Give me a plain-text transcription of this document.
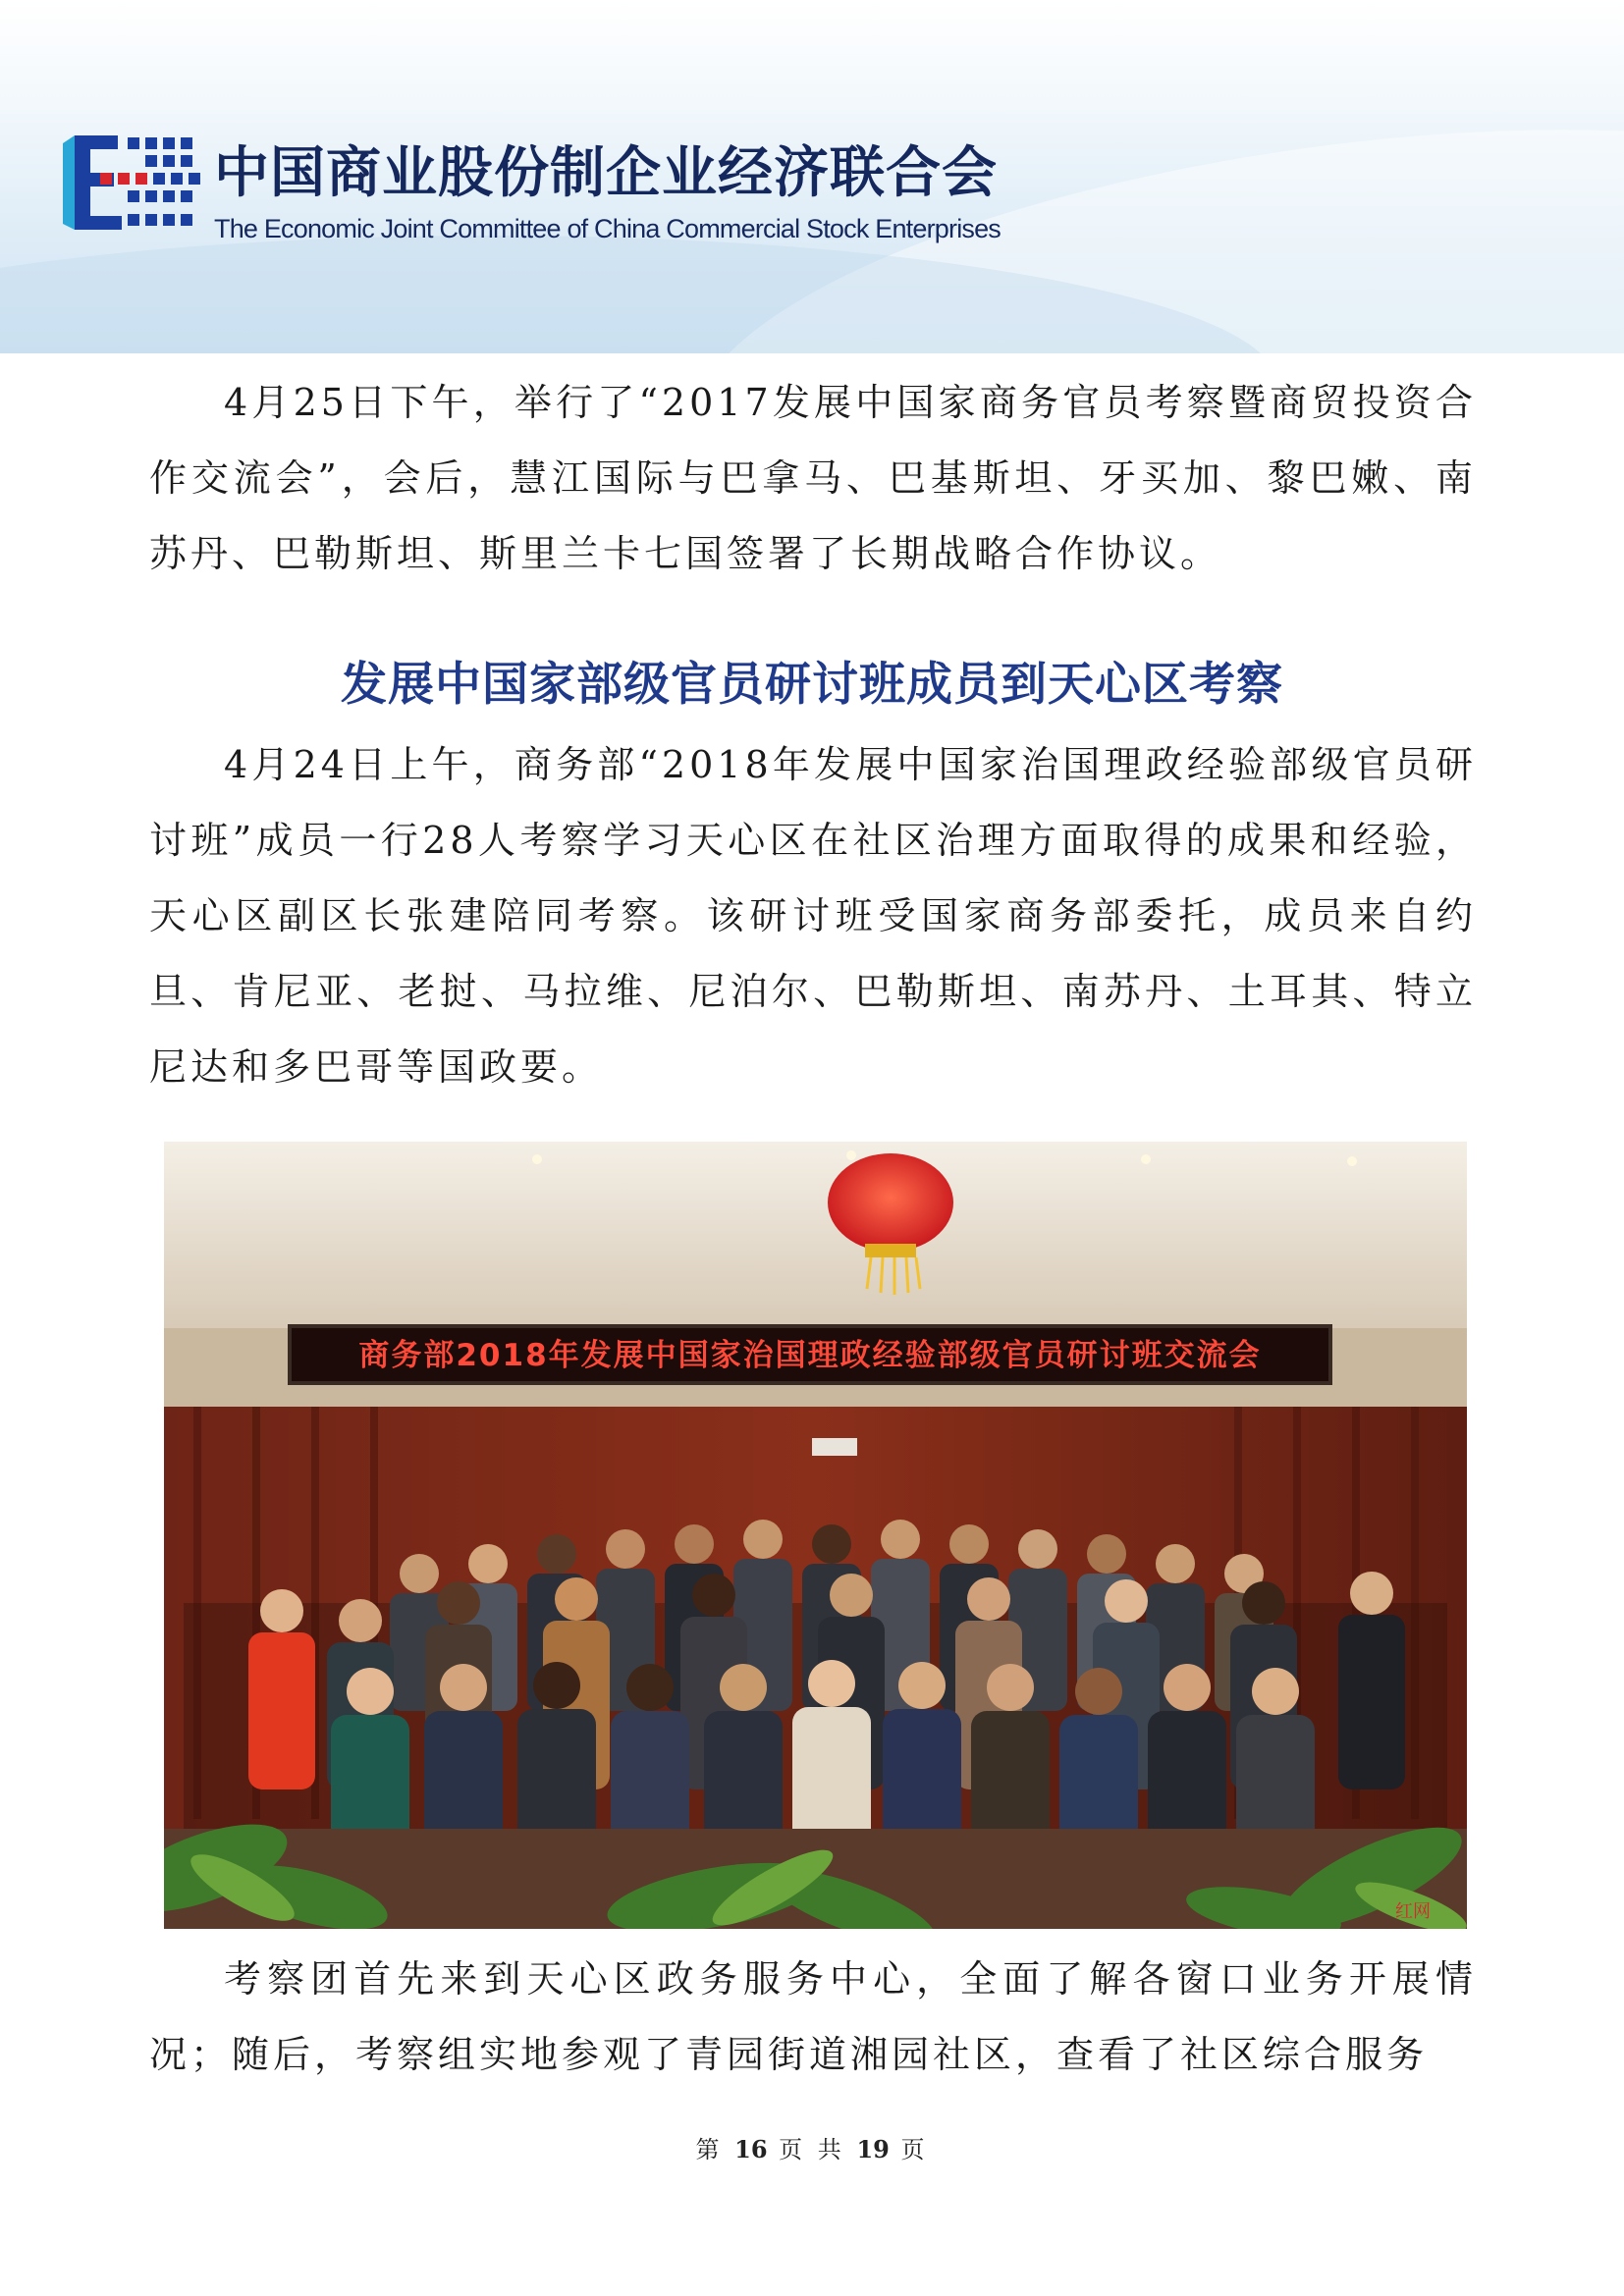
中国商业股份制企业经济联合会
The Economic Joint Committee of China Commercial Stock Enterprises

4月25日下午，举行了“2017发展中国家商务官员考察暨商贸投资合作交流会”，会后，慧江国际与巴拿马、巴基斯坦、牙买加、黎巴嫩、南苏丹、巴勒斯坦、斯里兰卡七国签署了长期战略合作协议。

发展中国家部级官员研讨班成员到天心区考察

4月24日上午，商务部“2018年发展中国家治国理政经验部级官员研讨班”成员一行28人考察学习天心区在社区治理方面取得的成果和经验，天心区副区长张建陪同考察。该研讨班受国家商务部委托，成员来自约旦、肯尼亚、老挝、马拉维、尼泊尔、巴勒斯坦、南苏丹、土耳其、特立尼达和多巴哥等国政要。

商务部2018年发展中国家治国理政经验部级官员研讨班交流会
红网

考察团首先来到天心区政务服务中心，全面了解各窗口业务开展情况；随后，考察组实地参观了青园街道湘园社区，查看了社区综合服务

第 16 页 共 19 页
